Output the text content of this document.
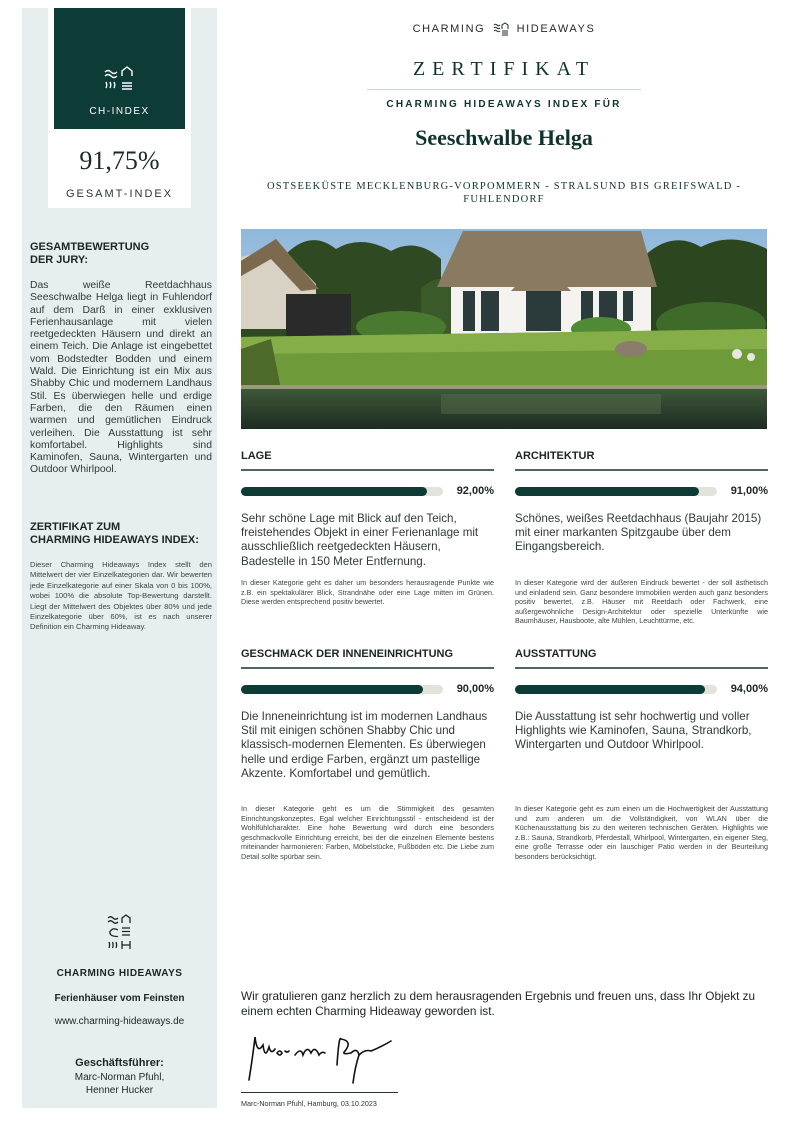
CH-INDEX
91,75%
GESAMT-INDEX
GESAMTBEWERTUNG
DER JURY:
Das weiße Reetdachhaus Seeschwalbe Helga liegt in Fuhlendorf auf dem Darß in einer exklusiven Ferienhausanlage mit vielen reetgedeckten Häusern und direkt an einem Teich. Die Anlage ist eingebettet vom Bodstedter Bodden und einem Wald. Die Einrichtung ist ein Mix aus Shabby Chic und modernem Landhaus Stil. Es überwiegen helle und erdige Farben, die den Räumen einen warmen und gemütlichen Eindruck verleihen. Die Ausstattung ist sehr komfortabel. Highlights sind Kaminofen, Sauna, Wintergarten und Outdoor Whirlpool.
ZERTIFIKAT ZUM
CHARMING HIDEAWAYS INDEX:
Dieser Charming Hideaways Index stellt den Mittelwert der vier Einzelkategorien dar. Wir bewerten jede Einzelkategorie auf einer Skala von 0 bis 100%, wobei 100% die absolute Top-Bewertung darstellt. Liegt der Mittelwert des Objektes über 80% und jede Einzelkategorie über 60%, ist es nach unserer Definition ein Charming Hideaway.
CHARMING HIDEAWAYS
Ferienhäuser vom Feinsten
www.charming-hideaways.de
Geschäftsführer:
Marc-Norman Pfuhl,
Henner Hucker
CHARMING	HIDEAWAYS
ZERTIFIKAT
CHARMING HIDEAWAYS INDEX FÜR
Seeschwalbe Helga
OSTSEEKÜSTE MECKLENBURG-VORPOMMERN - STRALSUND BIS GREIFSWALD -
FUHLENDORF
LAGE
92,00%
Sehr schöne Lage mit Blick auf den Teich, freistehendes Objekt in einer Ferienanlage mit ausschließlich reetgedeckten Häusern, Badestelle in 150 Meter Entfernung.
In dieser Kategorie geht es daher um besonders herausragende Punkte wie z.B. ein spektakulärer Blick, Strandnähe oder eine Lage mitten im Grünen. Diese werden entsprechend positiv bewertet.
ARCHITEKTUR
91,00%
Schönes, weißes Reetdachhaus (Baujahr 2015) mit einer markanten Spitzgaube über dem Eingangsbereich.
In dieser Kategorie wird der äußeren Eindruck bewertet - der soll ästhetisch und einladend sein. Ganz besondere Immobilien werden auch ganz besonders positiv bewertet, z.B. Häuser mit Reetdach oder Fachwerk, eine außergewöhnliche Design-Architektur oder spezielle Unterkünfte wie Baumhäuser, Hausboote, alte Mühlen, Leuchttürme, etc.
GESCHMACK DER INNENEINRICHTUNG
90,00%
Die Inneneinrichtung ist im modernen Landhaus Stil mit einigen schönen Shabby Chic und klassisch-modernen Elementen. Es überwiegen helle und erdige Farben, ergänzt um pastellige Akzente. Komfortabel und gemütlich.
In dieser Kategorie geht es um die Stimmigkeit des gesamten Einrichtungskonzeptes. Egal welcher Einrichtungsstil - entscheidend ist der Wohlfühlcharakter. Eine hohe Bewertung wird durch eine besonders geschmackvolle Einrichtung erreicht, bei der die einzelnen Elemente bestens miteinander harmonieren: Farben, Möbelstücke, Fußböden etc. Die Liebe zum Detail sollte spürbar sein.
AUSSTATTUNG
94,00%
Die Ausstattung ist sehr hochwertig und voller Highlights wie Kaminofen, Sauna, Strandkorb, Wintergarten und Outdoor Whirlpool.
In dieser Kategorie geht es zum einen um die Hochwertigkeit der Ausstattung und zum anderen um die Vollständigkeit, von WLAN über die Küchenausstattung bis zu den weiteren technischen Geräten. Highlights wie z.B.: Sauna, Strandkorb, Pferdestall, Whirlpool, Wintergarten, ein eigener Steg, eine große Terrasse oder ein lauschiger Patio werden in der Beurteilung besonders berücksichtigt.
Wir gratulieren ganz herzlich zu dem herausragenden Ergebnis und freuen uns, dass Ihr Objekt zu einem echten Charming Hideaway geworden ist.
Marc-Norman Pfuhl, Hamburg, 03.10.2023
